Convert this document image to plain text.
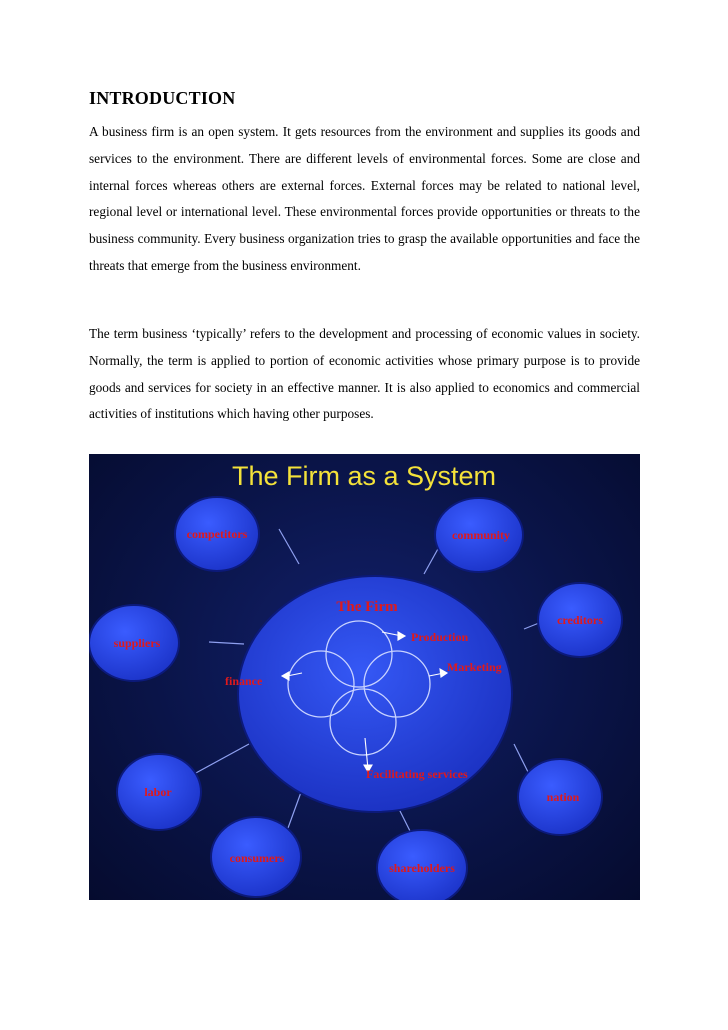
INTRODUCTION

A business firm is an open system. It gets resources from the environment and supplies its goods and services to the environment. There are different levels of environmental forces. Some are close and internal forces whereas others are external forces. External forces may be related to national level, regional level or international level. These environmental forces provide opportunities or threats to the business community. Every business organization tries to grasp the available opportunities and face the threats that emerge from the business environment.

The term business ‘typically’ refers to the development and processing of economic values in society. Normally, the term is applied to portion of economic activities whose primary purpose is to provide goods and services for society in an effective manner. It is also applied to economics and commercial activities of institutions which having other purposes.

The Firm as a System
The Firm
Production
Marketing
finance
Facilitating services
competitors	community
creditors
suppliers
labor	nation
consumers
shareholders
